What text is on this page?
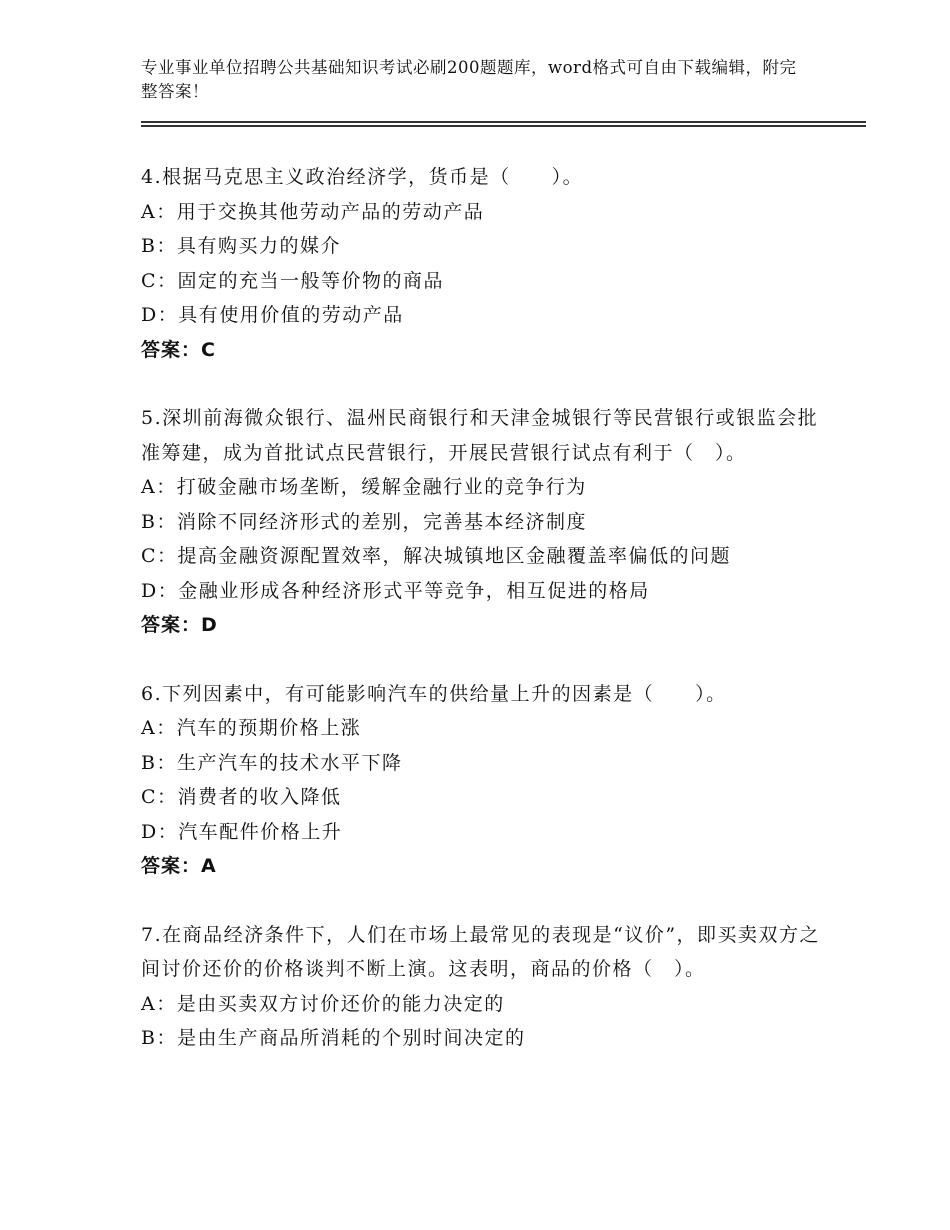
专业事业单位招聘公共基础知识考试必刷200题题库，word格式可自由下载编辑，附完整答案！
4.根据马克思主义政治经济学，货币是（　　）。
A：用于交换其他劳动产品的劳动产品
B：具有购买力的媒介
C：固定的充当一般等价物的商品
D：具有使用价值的劳动产品
答案：C
5.深圳前海微众银行、温州民商银行和天津金城银行等民营银行或银监会批准筹建，成为首批试点民营银行，开展民营银行试点有利于（　）。
A：打破金融市场垄断，缓解金融行业的竞争行为
B：消除不同经济形式的差别，完善基本经济制度
C：提高金融资源配置效率，解决城镇地区金融覆盖率偏低的问题
D：金融业形成各种经济形式平等竞争，相互促进的格局
答案：D
6.下列因素中，有可能影响汽车的供给量上升的因素是（　　）。
A：汽车的预期价格上涨
B：生产汽车的技术水平下降
C：消费者的收入降低
D：汽车配件价格上升
答案：A
7.在商品经济条件下，人们在市场上最常见的表现是“议价”，即买卖双方之间讨价还价的价格谈判不断上演。这表明，商品的价格（　）。
A：是由买卖双方讨价还价的能力决定的
B：是由生产商品所消耗的个别时间决定的
